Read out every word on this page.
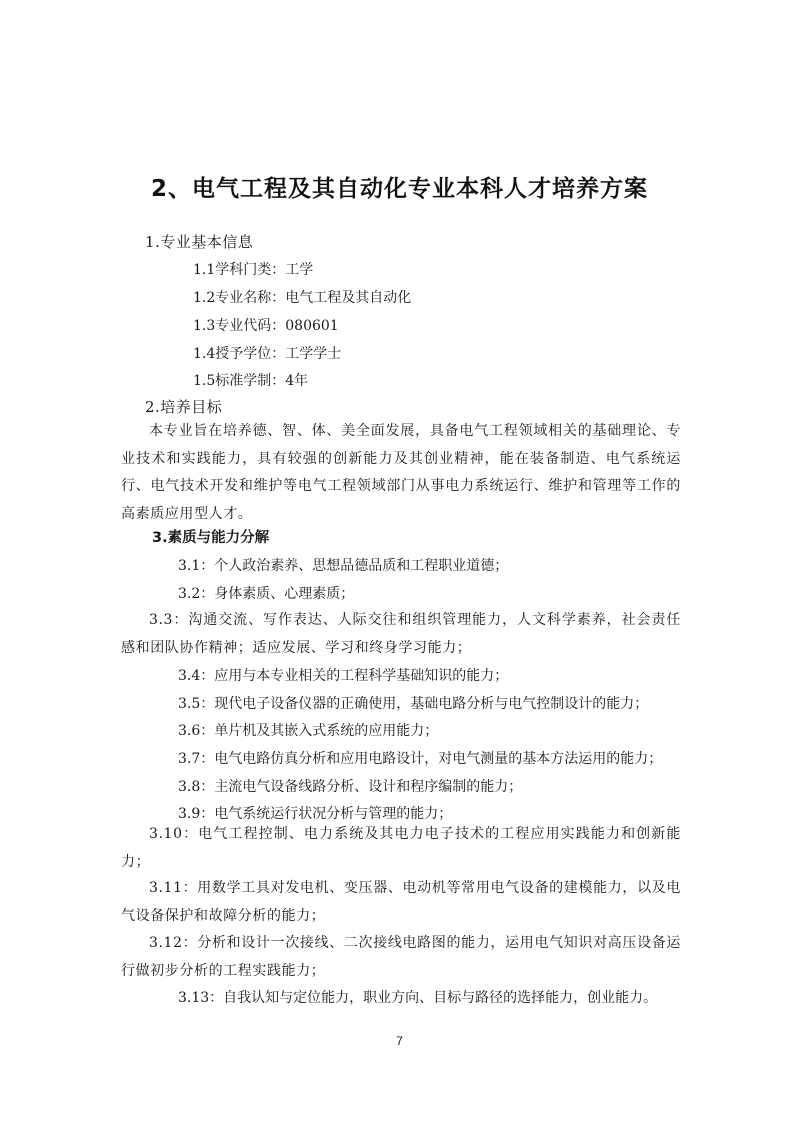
2、电气工程及其自动化专业本科人才培养方案
1.专业基本信息
1.1学科门类：工学
1.2专业名称：电气工程及其自动化
1.3专业代码：080601
1.4授予学位：工学学士
1.5标准学制：4年
2.培养目标
本专业旨在培养德、智、体、美全面发展，具备电气工程领域相关的基础理论、专业技术和实践能力，具有较强的创新能力及其创业精神，能在装备制造、电气系统运行、电气技术开发和维护等电气工程领域部门从事电力系统运行、维护和管理等工作的高素质应用型人才。
3.素质与能力分解
3.1：个人政治素养、思想品德品质和工程职业道德；
3.2：身体素质、心理素质；
3.3：沟通交流、写作表达、人际交往和组织管理能力，人文科学素养，社会责任感和团队协作精神；适应发展、学习和终身学习能力；
3.4：应用与本专业相关的工程科学基础知识的能力；
3.5：现代电子设备仪器的正确使用，基础电路分析与电气控制设计的能力；
3.6：单片机及其嵌入式系统的应用能力；
3.7：电气电路仿真分析和应用电路设计，对电气测量的基本方法运用的能力；
3.8：主流电气设备线路分析、设计和程序编制的能力；
3.9：电气系统运行状况分析与管理的能力；
3.10：电气工程控制、电力系统及其电力电子技术的工程应用实践能力和创新能力；
3.11：用数学工具对发电机、变压器、电动机等常用电气设备的建模能力，以及电气设备保护和故障分析的能力；
3.12：分析和设计一次接线、二次接线电路图的能力，运用电气知识对高压设备运行做初步分析的工程实践能力；
3.13：自我认知与定位能力，职业方向、目标与路径的选择能力，创业能力。
7
